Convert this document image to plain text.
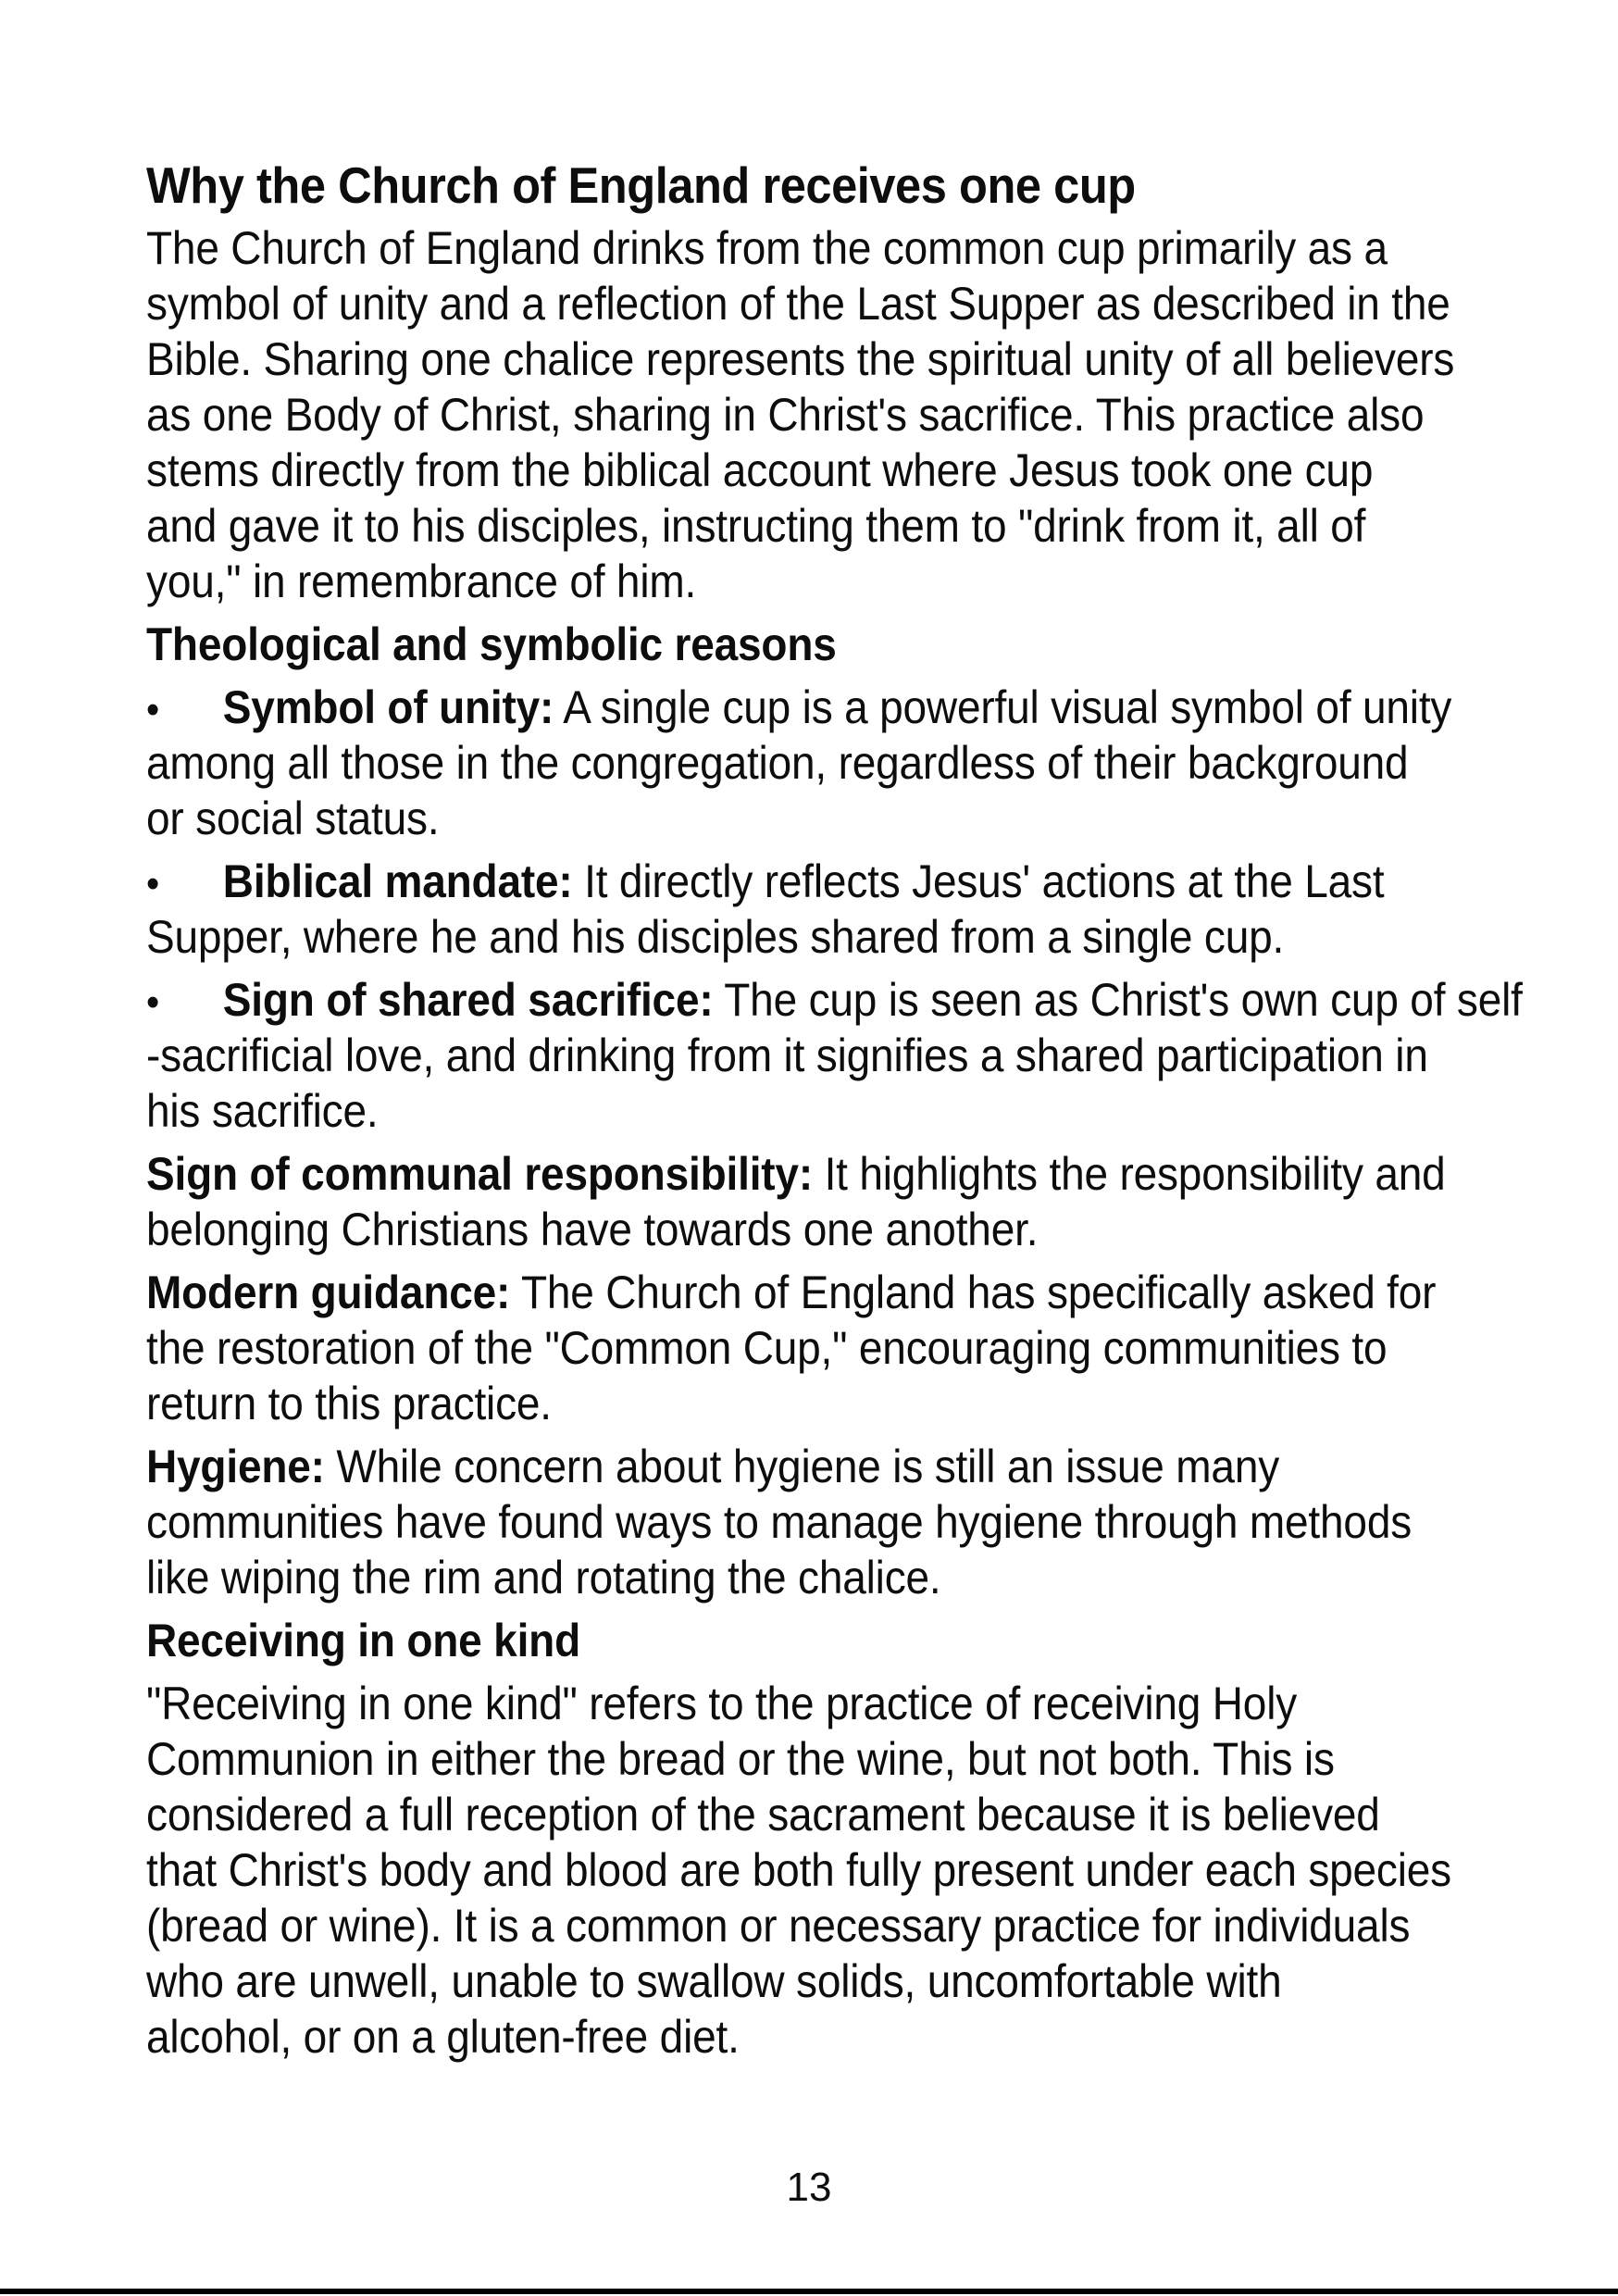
Why the Church of England receives one cup
The Church of England drinks from the common cup primarily as a
symbol of unity and a reflection of the Last Supper as described in the
Bible. Sharing one chalice represents the spiritual unity of all believers
as one Body of Christ, sharing in Christ's sacrifice. This practice also
stems directly from the biblical account where Jesus took one cup
and gave it to his disciples, instructing them to "drink from it, all of
you," in remembrance of him.
Theological and symbolic reasons
• Symbol of unity: A single cup is a powerful visual symbol of unity
among all those in the congregation, regardless of their background
or social status.
• Biblical mandate: It directly reflects Jesus' actions at the Last
Supper, where he and his disciples shared from a single cup.
• Sign of shared sacrifice: The cup is seen as Christ's own cup of self
-sacrificial love, and drinking from it signifies a shared participation in
his sacrifice.
Sign of communal responsibility: It highlights the responsibility and
belonging Christians have towards one another.
Modern guidance: The Church of England has specifically asked for
the restoration of the "Common Cup," encouraging communities to
return to this practice.
Hygiene: While concern about hygiene is still an issue many
communities have found ways to manage hygiene through methods
like wiping the rim and rotating the chalice.
Receiving in one kind
"Receiving in one kind" refers to the practice of receiving Holy
Communion in either the bread or the wine, but not both. This is
considered a full reception of the sacrament because it is believed
that Christ's body and blood are both fully present under each species
(bread or wine). It is a common or necessary practice for individuals
who are unwell, unable to swallow solids, uncomfortable with
alcohol, or on a gluten-free diet.
13
